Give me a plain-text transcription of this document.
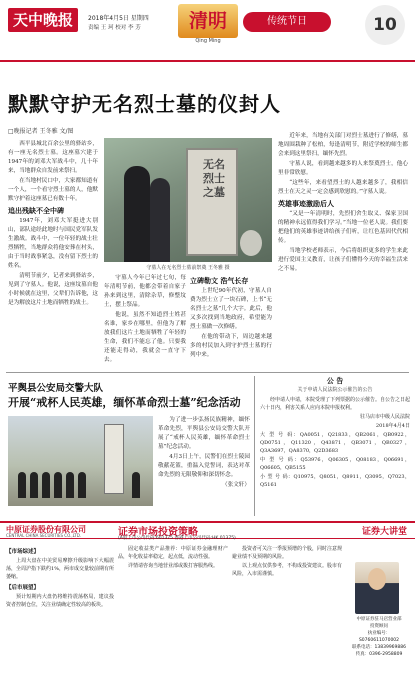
天中晚报	2018年4月5日 星期四
责编 王 珂 校对 李 芳	清明
Qing Ming
传统节日	10
默默守护无名烈士墓的仪封人
□晚报记者 王冬雅 文/图

西平县城北百余公里的驿站乡，有一座无名烈士墓。这座墓穴建于1947年的刘邓大军战斗中，几十年来，当地群众自发前来祭扫。

在当地村民口中，大家都知道有一个人，一个看守烈士墓的人，他默默守护着这座墓已有数十年。

追出残缺不全中碑

1947年，刘邓大军挺进大别山，部队途经此地时与国民党军队发生激战。战斗中，一位年轻的战士壮烈牺牲，当地群众将他安葬在村头，由于当时战事紧急，没有留下烈士的姓名。

清明节前夕，记者来到驿站乡，见到了守墓人。他说，这座坟墓自他小时候就在这里，父辈们告诉他，这是为解放这片土地而牺牲的战士。

无名烈士之墓
守墓人在无名烈士墓前祭奠 王冬雅 摄

守墓人今年已年过七旬，每年清明节前，他都会带着自家子孙来到这里，清除杂草，修整坟土，摆上祭品。

他说，虽然不知道烈士姓甚名谁，家乡在哪里，但他为了解放我们这片土地而牺牲了年轻的生命，我们不能忘了他。只要我还能走得动，我就会一直守下去。

立碑勒文 浩气长存

上世纪90年代初，守墓人自费为烈士立了一块石碑，上书“无名烈士之墓”几个大字。此后，他又多次找到当地政府，希望能为烈士墓做一次修缮。

在他的带动下，周边越来越多的村民加入到守护烈士墓的行列中来。

近年来，当地有关部门对烈士墓进行了修缮，墓地周围栽种了松柏，每逢清明节，附近学校的师生都会来到这里祭扫，缅怀先烈。

守墓人说，看到越来越多的人来祭奠烈士，他心里非常欣慰。

“这些年，来看望烈士的人越来越多了，我相信烈士在天之灵一定会感到欣慰的。”守墓人说。

英雄事迹激励后人

“又是一年清明时，先烈们舍生取义、保家卫国的精神永远值得我们学习。”当地一位老人说。我们要把他们的英雄事迹讲给孩子们听，让红色基因代代相传。

当地学校老师表示，今后将组织更多的学生来此进行爱国主义教育，让孩子们懂得今天的幸福生活来之不易。

平舆县公安局交警大队
开展“戒杯人民英雄，缅怀革命烈士墓”纪念活动

为了进一步弘扬民族精神，缅怀革命先烈，平舆县公安局交警大队开展了“戒杯人民英雄，缅怀革命烈士墓”纪念活动。

4月3日上午，民警们在烈士陵园敬献花篮，重温入党誓词，表达对革命先烈的无限敬仰和深切怀念。

（张文轩）

公 告
关于申请人民法院公示催告的公告

经申请人申请，本院受理了下列票据的公示催告。自公告之日起六十日内，利害关系人应向本院申报权利。

驻马店市中级人民法院

2018年4月4日

大 型 号 码：QA0051，Q21833，QB2061，QB0922，QD0751，Q11320，Q43871，QB3071，QB0327，Q3A3697，QA8370，Q2D3683

中 型 号 码：Q53976，Q06305，Q08183，Q06691，Q06605，QB5155

小 型 号 码：Q10975，Q8051，Q8911，Q3095，Q7023，Q5161

中原证券股份有限公司
CENTRAL CHINA SECURITIES CO.,LTD.	证券市场投资策略
(A股上市公司代码:601375 香港上市公司代码:HK.01375)
证券大讲堂

【市场综述】

上周大盘在中美贸易摩擦升级影响下大幅震荡，全周沪指下跌约1%，两市成交量较前期有所萎缩。

【后市展望】

预计短期内大盘仍将维持震荡格局，建议投资者控制仓位，关注业绩确定性较高的板块。

固定收益类产品推荐：中原证券金融理财产品，年化收益率稳定，起点低，流动性强。

详情请咨询当地营业部或拨打客服热线。

投资者可关注一季报预增的个股，同时注意规避业绩不及预期的风险。

以上观点仅供参考，不构成投资建议。股市有风险，入市需谨慎。

中原证券驻马店营业部
投资顾问
执业编号：S0760611070002
联系电话：13839969886
传真：0396-2958809
